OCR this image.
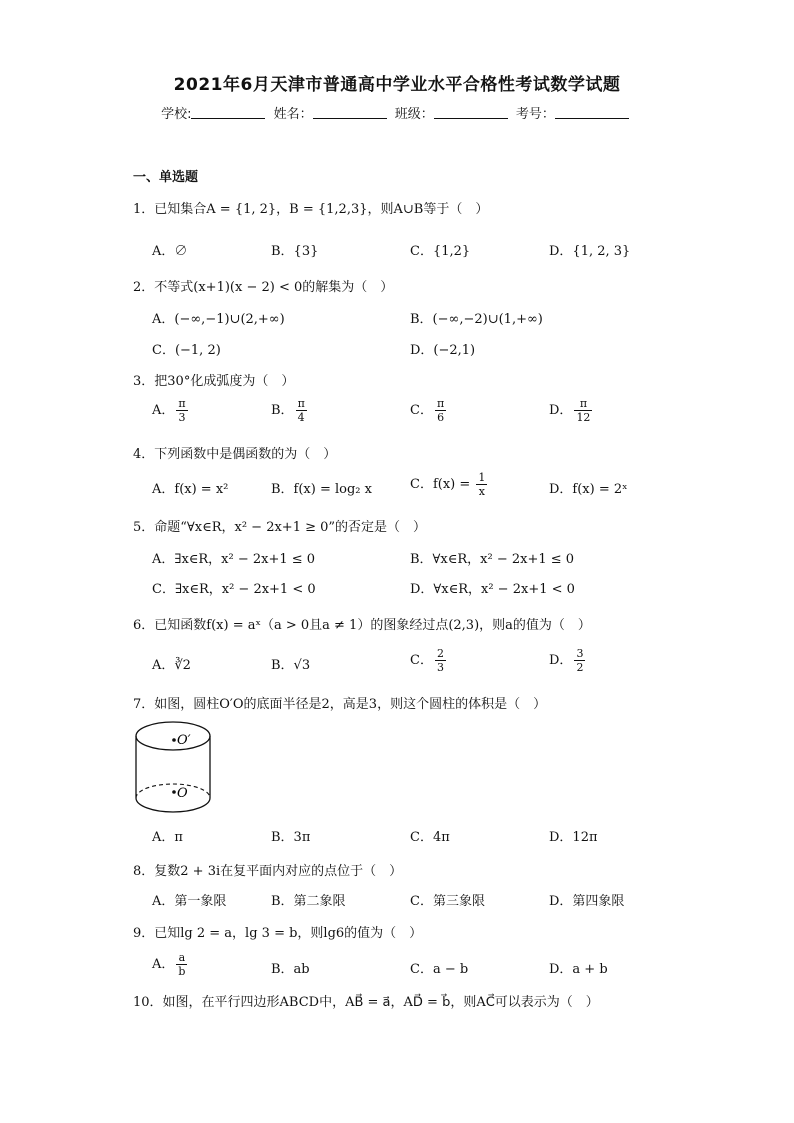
2021年6月天津市普通高中学业水平合格性考试数学试题
学校:	姓名：	班级：	考号：
一、单选题
1．已知集合A = {1, 2}，B = {1,2,3}，则A∪B等于（　）
A．∅	B．{3}	C．{1,2}	D．{1, 2, 3}
2．不等式(x+1)(x − 2) < 0的解集为（　）
A．(−∞,−1)∪(2,+∞)	B．(−∞,−2)∪(1,+∞)
C．(−1, 2)	D．(−2,1)
3．把30°化成弧度为（　）
A． $\frac{\pi}{3}$	B． $\frac{\pi}{4}$	C． $\frac{\pi}{6}$	D． $\frac{\pi}{12}$
4．下列函数中是偶函数的为（　）
A．f(x) = x²	B．f(x) = log₂ x	C．$f(x) = \frac{1}{x}$	D．f(x) = 2ˣ
5．命题“∀x∈R，x² − 2x+1 ≥ 0”的否定是（　）
A．∃x∈R，x² − 2x+1 ≤ 0	B．∀x∈R，x² − 2x+1 ≤ 0
C．∃x∈R，x² − 2x+1 < 0	D．∀x∈R，x² − 2x+1 < 0
6．已知函数f(x) = aˣ（a > 0且a ≠ 1）的图象经过点(2,3)，则a的值为（　）
A．∛2	B．√3	C． $\frac{2}{3}$	D． $\frac{3}{2}$
7．如图，圆柱O′O的底面半径是2，高是3，则这个圆柱的体积是（　）
A．π	B．3π	C．4π	D．12π
8．复数2 + 3i在复平面内对应的点位于（　）
A．第一象限	B．第二象限	C．第三象限	D．第四象限
9．已知lg 2 = a，lg 3 = b，则lg6的值为（　）
A． $\frac{a}{b}$	B．ab	C．a − b	D．a + b
10．如图，在平行四边形ABCD中，AB⃗ = a⃗，AD⃗ = b⃗，则AC⃗可以表示为（　）
O′
O
